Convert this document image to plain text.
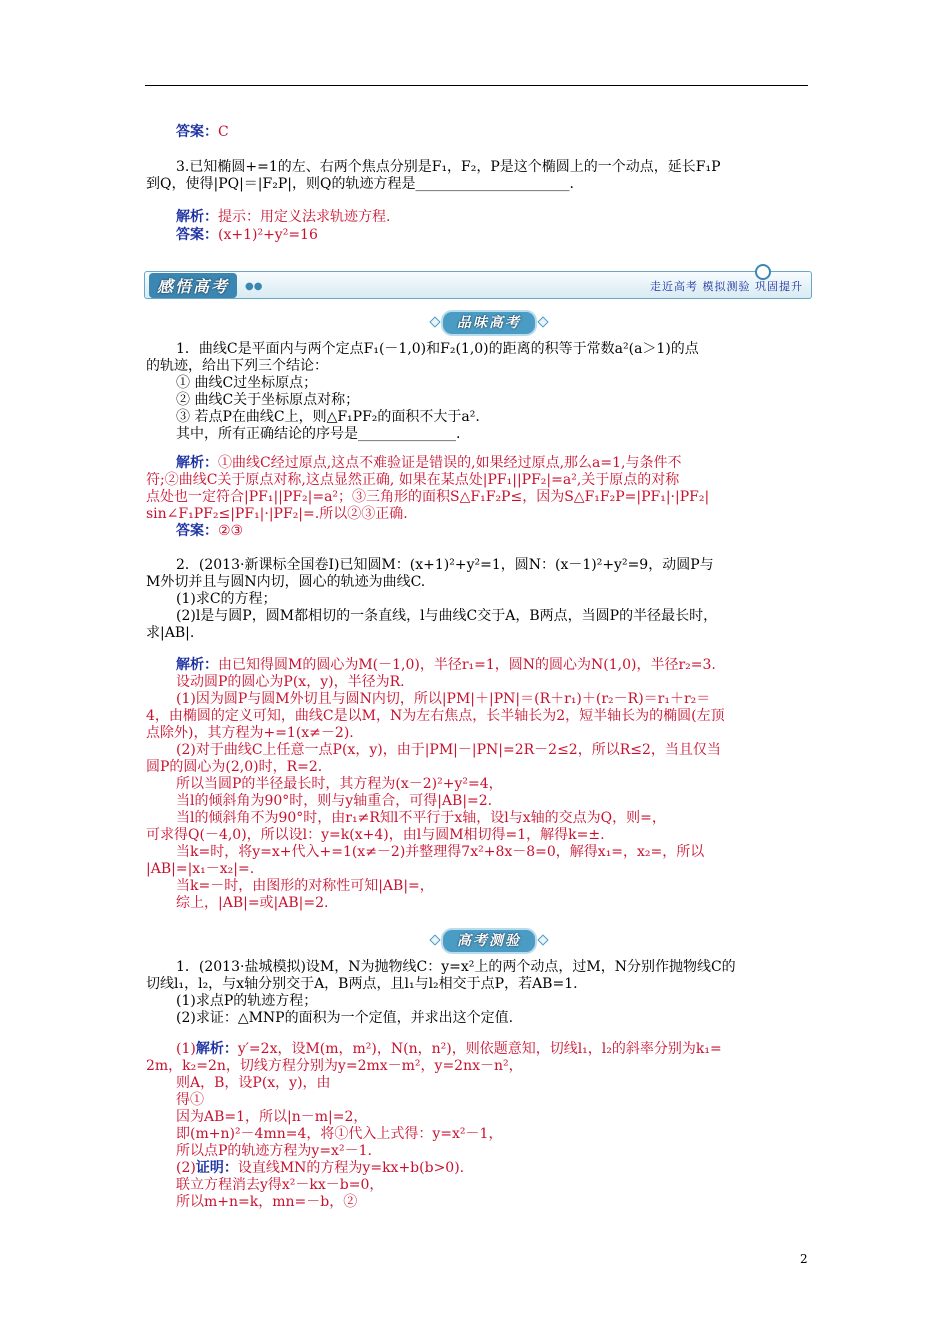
答案：C
3.已知椭圆+=1的左、右两个焦点分别是F₁，F₂，P是这个椭圆上的一个动点，延长F₁P
到Q，使得|PQ|＝|F₂P|，则Q的轨迹方程是______________________.
解析：提示：用定义法求轨迹方程.
答案：(x+1)²+y²=16
感悟高考	●●	走近高考 模拟测验 巩固提升
品味高考
1．曲线C是平面内与两个定点F₁(－1,0)和F₂(1,0)的距离的积等于常数a²(a＞1)的点
的轨迹，给出下列三个结论：
① 曲线C过坐标原点；
② 曲线C关于坐标原点对称；
③ 若点P在曲线C上，则△F₁PF₂的面积不大于a².
其中，所有正确结论的序号是______________.
解析：①曲线C经过原点,这点不难验证是错误的,如果经过原点,那么a=1,与条件不
符;②曲线C关于原点对称,这点显然正确, 如果在某点处|PF₁||PF₂|=a²,关于原点的对称
点处也一定符合|PF₁||PF₂|=a²；③三角形的面积S△F₁F₂P≤，因为S△F₁F₂P=|PF₁|·|PF₂|
sin∠F₁PF₂≤|PF₁|·|PF₂|=.所以②③正确.
答案：②③
2．(2013·新课标全国卷Ⅰ)已知圆M：(x+1)²+y²=1，圆N：(x－1)²+y²=9，动圆P与
M外切并且与圆N内切，圆心的轨迹为曲线C.
(1)求C的方程；
(2)l是与圆P，圆M都相切的一条直线，l与曲线C交于A，B两点，当圆P的半径最长时，
求|AB|.
解析：由已知得圆M的圆心为M(－1,0)，半径r₁=1，圆N的圆心为N(1,0)，半径r₂=3.
设动圆P的圆心为P(x，y)，半径为R.
(1)因为圆P与圆M外切且与圆N内切，所以|PM|＋|PN|＝(R＋r₁)＋(r₂－R)＝r₁＋r₂＝
4，由椭圆的定义可知，曲线C是以M，N为左右焦点，长半轴长为2，短半轴长为的椭圆(左顶
点除外)，其方程为+=1(x≠－2).
(2)对于曲线C上任意一点P(x，y)，由于|PM|－|PN|=2R－2≤2，所以R≤2，当且仅当
圆P的圆心为(2,0)时，R=2.
所以当圆P的半径最长时，其方程为(x－2)²+y²=4，
当l的倾斜角为90°时，则与y轴重合，可得|AB|=2.
当l的倾斜角不为90°时，由r₁≠R知l不平行于x轴，设l与x轴的交点为Q，则=，
可求得Q(－4,0)，所以设l：y=k(x+4)，由l与圆M相切得=1，解得k=±.
当k=时，将y=x+代入+=1(x≠－2)并整理得7x²+8x－8=0，解得x₁=，x₂=，所以
|AB|=|x₁－x₂|=.
当k=－时，由图形的对称性可知|AB|=，
综上，|AB|=或|AB|=2.
高考测验
1．(2013·盐城模拟)设M，N为抛物线C：y=x²上的两个动点，过M，N分别作抛物线C的
切线l₁，l₂，与x轴分别交于A，B两点，且l₁与l₂相交于点P，若AB=1.
(1)求点P的轨迹方程；
(2)求证：△MNP的面积为一个定值，并求出这个定值.
(1)解析：y′=2x，设M(m，m²)，N(n，n²)，则依题意知，切线l₁，l₂的斜率分别为k₁=
2m，k₂=2n，切线方程分别为y=2mx－m²，y=2nx－n²，
则A，B，设P(x，y)，由
得①
因为AB=1，所以|n－m|=2，
即(m+n)²－4mn=4，将①代入上式得：y=x²－1，
所以点P的轨迹方程为y=x²－1.
(2)证明：设直线MN的方程为y=kx+b(b>0).
联立方程消去y得x²－kx－b=0，
所以m+n=k，mn=－b，②
2
